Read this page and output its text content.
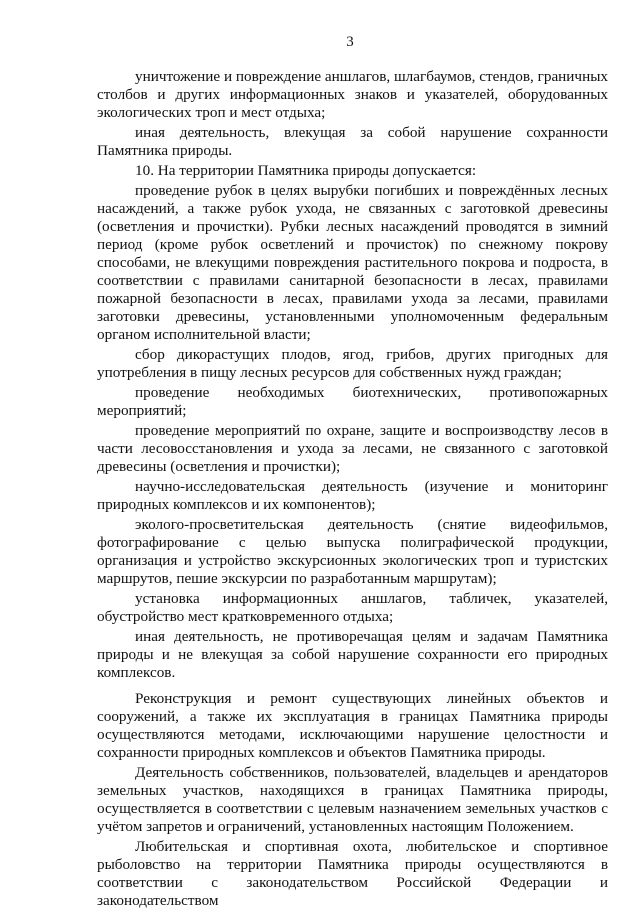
3

уничтожение и повреждение аншлагов, шлагбаумов, стендов, граничных столбов и других информационных знаков и указателей, оборудованных экологических троп и мест отдыха;

иная деятельность, влекущая за собой нарушение сохранности Памятника природы.

10. На территории Памятника природы допускается:

проведение рубок в целях вырубки погибших и повреждённых лесных насаждений, а также рубок ухода, не связанных с заготовкой древесины (осветления и прочистки). Рубки лесных насаждений проводятся в зимний период (кроме рубок осветлений и прочисток) по снежному покрову способами, не влекущими повреждения растительного покрова и подроста, в соответствии с правилами санитарной безопасности в лесах, правилами пожарной безопасности в лесах, правилами ухода за лесами, правилами заготовки древесины, установленными уполномоченным федеральным органом исполнительной власти;

сбор дикорастущих плодов, ягод, грибов, других пригодных для употребления в пищу лесных ресурсов для собственных нужд граждан;

проведение необходимых биотехнических, противопожарных мероприятий;

проведение мероприятий по охране, защите и воспроизводству лесов в части лесовосстановления и ухода за лесами, не связанного с заготовкой древесины (осветления и прочистки);

научно-исследовательская деятельность (изучение и мониторинг природных комплексов и их компонентов);

эколого-просветительская деятельность (снятие видеофильмов, фотографирование с целью выпуска полиграфической продукции, организация и устройство экскурсионных экологических троп и туристских маршрутов, пешие экскурсии по разработанным маршрутам);

установка информационных аншлагов, табличек, указателей, обустройство мест кратковременного отдыха;

иная деятельность, не противоречащая целям и задачам Памятника природы и не влекущая за собой нарушение сохранности его природных комплексов.

Реконструкция и ремонт существующих линейных объектов и сооружений, а также их эксплуатация в границах Памятника природы осуществляются методами, исключающими нарушение целостности и сохранности природных комплексов и объектов Памятника природы.

Деятельность собственников, пользователей, владельцев и арендаторов земельных участков, находящихся в границах Памятника природы, осуществляется в соответствии с целевым назначением земельных участков с учётом запретов и ограничений, установленных настоящим Положением.

Любительская и спортивная охота, любительское и спортивное рыболовство на территории Памятника природы осуществляются в соответствии с законодательством Российской Федерации и законодательством
